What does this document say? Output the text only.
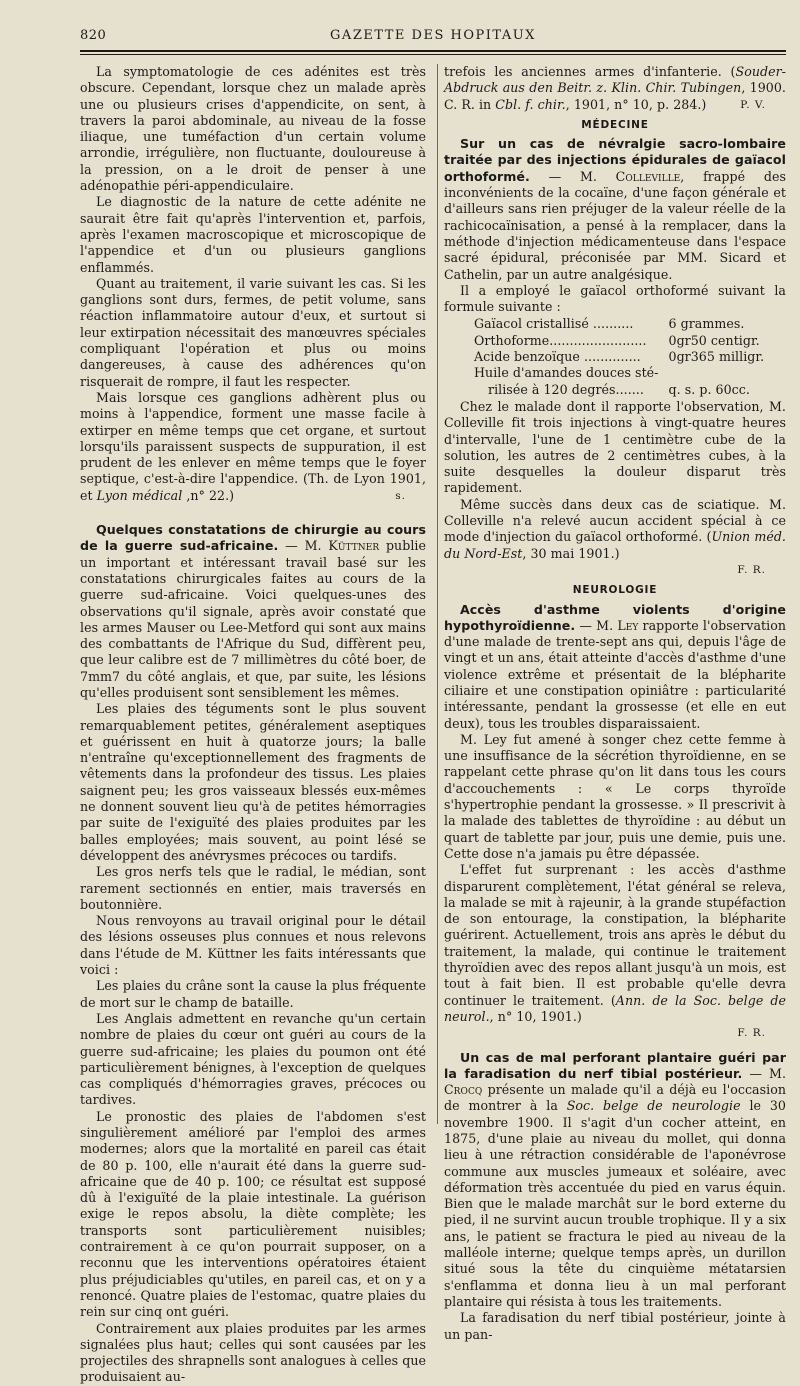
820	GAZETTE DES HOPITAUX

La symptomatologie de ces adénites est très obscure. Cependant, lorsque chez un malade après une ou plusieurs crises d'appendicite, on sent, à travers la paroi abdominale, au niveau de la fosse iliaque, une tuméfaction d'un certain volume arrondie, irrégulière, non fluctuante, douloureuse à la pression, on a le droit de penser à une adénopathie péri-appendiculaire.

Le diagnostic de la nature de cette adénite ne saurait être fait qu'après l'intervention et, parfois, après l'examen macroscopique et microscopique de l'appendice et d'un ou plusieurs ganglions enflammés.

Quant au traitement, il varie suivant les cas. Si les ganglions sont durs, fermes, de petit volume, sans réaction inflammatoire autour d'eux, et surtout si leur extirpation nécessitait des manœuvres spéciales compliquant l'opération et plus ou moins dangereuses, à cause des adhérences qu'on risquerait de rompre, il faut les respecter.

Mais lorsque ces ganglions adhèrent plus ou moins à l'appendice, forment une masse facile à extirper en même temps que cet organe, et surtout lorsqu'ils paraissent suspects de suppuration, il est prudent de les enlever en même temps que le foyer septique, c'est-à-dire l'appendice. (Th. de Lyon 1901, et Lyon médical ,n° 22.)	s.

Quelques constatations de chirurgie au cours de la guerre sud-africaine. — M. Küttner publie un important et intéressant travail basé sur les constatations chirurgicales faites au cours de la guerre sud-africaine. Voici quelques-unes des observations qu'il signale, après avoir constaté que les armes Mauser ou Lee-Metford qui sont aux mains des combattants de l'Afrique du Sud, diffèrent peu, que leur calibre est de 7 millimètres du côté boer, de 7mm7 du côté anglais, et que, par suite, les lésions qu'elles produisent sont sensiblement les mêmes.

Les plaies des téguments sont le plus souvent remarquablement petites, généralement aseptiques et guérissent en huit à quatorze jours; la balle n'entraîne qu'exceptionnellement des fragments de vêtements dans la profondeur des tissus. Les plaies saignent peu; les gros vaisseaux blessés eux-mêmes ne donnent souvent lieu qu'à de petites hémorragies par suite de l'exiguïté des plaies produites par les balles employées; mais souvent, au point lésé se développent des anévrysmes précoces ou tardifs.

Les gros nerfs tels que le radial, le médian, sont rarement sectionnés en entier, mais traversés en boutonnière.

Nous renvoyons au travail original pour le détail des lésions osseuses plus connues et nous relevons dans l'étude de M. Küttner les faits intéressants que voici :

Les plaies du crâne sont la cause la plus fréquente de mort sur le champ de bataille.

Les Anglais admettent en revanche qu'un certain nombre de plaies du cœur ont guéri au cours de la guerre sud-africaine; les plaies du poumon ont été particulièrement bénignes, à l'exception de quelques cas compliqués d'hémorragies graves, précoces ou tardives.

Le pronostic des plaies de l'abdomen s'est singulièrement amélioré par l'emploi des armes modernes; alors que la mortalité en pareil cas était de 80 p. 100, elle n'aurait été dans la guerre sud-africaine que de 40 p. 100; ce résultat est supposé dû à l'exiguïté de la plaie intestinale. La guérison exige le repos absolu, la diète complète; les transports sont particulièrement nuisibles; contrairement à ce qu'on pourrait supposer, on a reconnu que les interventions opératoires étaient plus préjudiciables qu'utiles, en pareil cas, et on y a renoncé. Quatre plaies de l'estomac, quatre plaies du rein sur cinq ont guéri.

Contrairement aux plaies produites par les armes signalées plus haut; celles qui sont causées par les projectiles des shrapnells sont analogues à celles que produisaient au-

trefois les anciennes armes d'infanterie. (Souder-Abdruck aus den Beitr. z. Klin. Chir. Tubingen, 1900. C. R. in Cbl. f. chir., 1901, n° 10, p. 284.)	P. V.

MÉDECINE

Sur un cas de névralgie sacro-lombaire traitée par des injections épidurales de gaïacol orthoformé. — M. Colleville, frappé des inconvénients de la cocaïne, d'une façon générale et d'ailleurs sans rien préjuger de la valeur réelle de la rachicocaïnisation, a pensé à la remplacer, dans la méthode d'injection médicamenteuse dans l'espace sacré épidural, préconisée par MM. Sicard et Cathelin, par un autre analgésique.

Il a employé le gaïacol orthoformé suivant la formule suivante :

Gaïacol cristallisé ..........	6 grammes.
Orthoforme........................	0gr50 centigr.
Acide benzoïque ..............	0gr365 milligr.
Huile d'amandes douces sté-	
rilisée à 120 degrés.......	q. s. p. 60cc.

Chez le malade dont il rapporte l'observation, M. Colleville fit trois injections à vingt-quatre heures d'intervalle, l'une de 1 centimètre cube de la solution, les autres de 2 centimètres cubes, à la suite desquelles la douleur disparut très rapidement.

Même succès dans deux cas de sciatique. M. Colleville n'a relevé aucun accident spécial à ce mode d'injection du gaïacol orthoformé. (Union méd. du Nord-Est, 30 mai 1901.)

F. R.
NEUROLOGIE

Accès d'asthme violents d'origine hypothyroïdienne. — M. Ley rapporte l'observation d'une malade de trente-sept ans qui, depuis l'âge de vingt et un ans, était atteinte d'accès d'asthme d'une violence extrême et présentait de la blépharite ciliaire et une constipation opiniâtre : particularité intéressante, pendant la grossesse (et elle en eut deux), tous les troubles disparaissaient.

M. Ley fut amené à songer chez cette femme à une insuffisance de la sécrétion thyroïdienne, en se rappelant cette phrase qu'on lit dans tous les cours d'accouchements : « Le corps thyroïde s'hypertrophie pendant la grossesse. » Il prescrivit à la malade des tablettes de thyroïdine : au début un quart de tablette par jour, puis une demie, puis une. Cette dose n'a jamais pu être dépassée.

L'effet fut surprenant : les accès d'asthme disparurent complètement, l'état général se releva, la malade se mit à rajeunir, à la grande stupéfaction de son entourage, la constipation, la blépharite guérirent. Actuellement, trois ans après le début du traitement, la malade, qui continue le traitement thyroïdien avec des repos allant jusqu'à un mois, est tout à fait bien. Il est probable qu'elle devra continuer le traitement. (Ann. de la Soc. belge de neurol., n° 10, 1901.)

F. R.

Un cas de mal perforant plantaire guéri par la faradisation du nerf tibial postérieur. — M. Crocq présente un malade qu'il a déjà eu l'occasion de montrer à la Soc. belge de neurologie le 30 novembre 1900. Il s'agit d'un cocher atteint, en 1875, d'une plaie au niveau du mollet, qui donna lieu à une rétraction considérable de l'aponévrose commune aux muscles jumeaux et soléaire, avec déformation très accentuée du pied en varus équin. Bien que le malade marchât sur le bord externe du pied, il ne survint aucun trouble trophique. Il y a six ans, le patient se fractura le pied au niveau de la malléole interne; quelque temps après, un durillon situé sous la tête du cinquième métatarsien s'enflamma et donna lieu à un mal perforant plantaire qui résista à tous les traitements.

La faradisation du nerf tibial postérieur, jointe à un pan-
